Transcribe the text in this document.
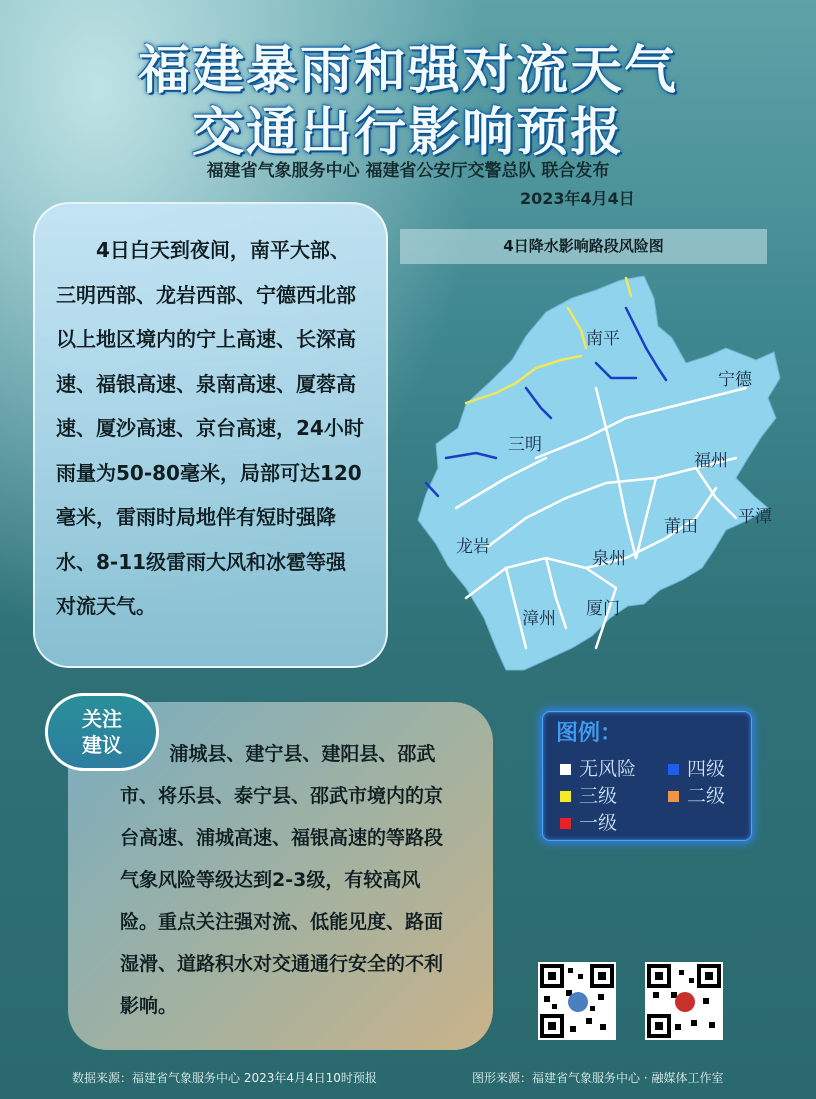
福建暴雨和强对流天气
交通出行影响预报
福建省气象服务中心 福建省公安厅交警总队 联合发布
2023年4月4日
4日白天到夜间，南平大部、三明西部、龙岩西部、宁德西北部以上地区境内的宁上高速、长深高速、福银高速、泉南高速、厦蓉高速、厦沙高速、京台高速，24小时雨量为50-80毫米，局部可达120毫米，雷雨时局地伴有短时强降水、8-11级雷雨大风和冰雹等强对流天气。
4日降水影响路段风险图
南平
宁德
三明
福州
平潭
莆田
龙岩
泉州
漳州 厦门
关注
建议	浦城县、建宁县、建阳县、邵武市、将乐县、泰宁县、邵武市境内的京台高速、浦城高速、福银高速的等路段气象风险等级达到2-3级，有较高风险。重点关注强对流、低能见度、路面湿滑、道路积水对交通通行安全的不利影响。
图例：
无风险	四级
三级	二级
一级
数据来源：福建省气象服务中心 2023年4月4日10时预报	图形来源：福建省气象服务中心 · 融媒体工作室
